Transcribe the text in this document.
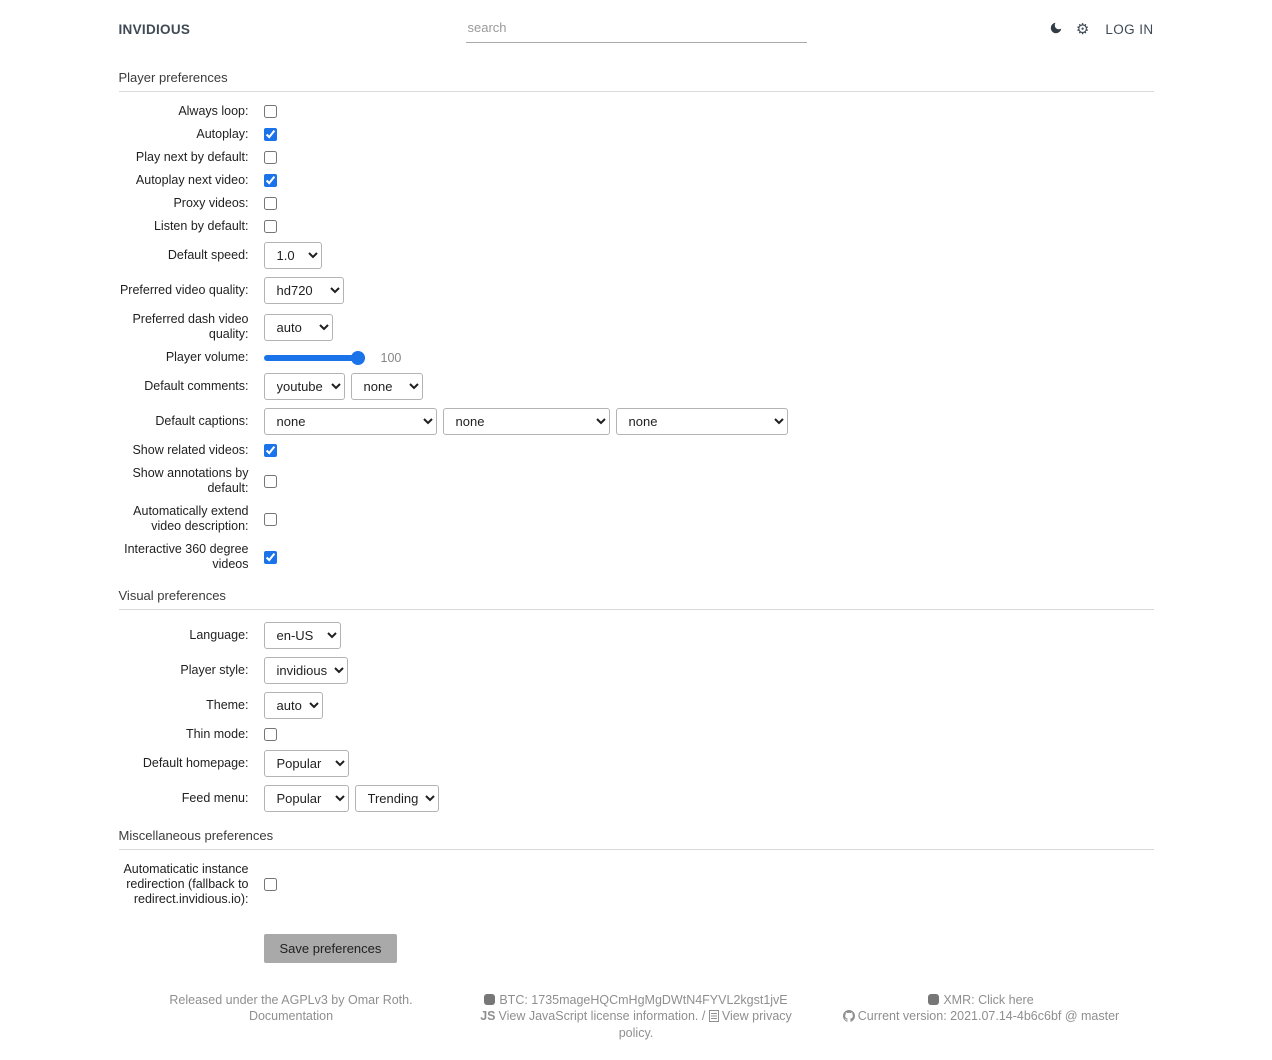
INVIDIOUS
search	⚙ LOG IN
Player preferences
Always loop:
Autoplay:
Play next by default:
Autoplay next video:
Proxy videos:
Listen by default:
Default speed:
1.0
Preferred video quality:
hd720
Preferred dash video quality:
auto
Player volume:	100
Default comments:
youtube
none
Default captions:
none
none
none
Show related videos:
Show annotations by default:
Automatically extend video description:
Interactive 360 degree videos
Visual preferences
Language:
en-US
Player style:
invidious
Theme:
auto
Thin mode:
Default homepage:
Popular
Feed menu:
Popular
Trending
Miscellaneous preferences
Automaticatic instance redirection (fallback to redirect.invidious.io):
Save preferences
Released under the AGPLv3 by Omar Roth.
Documentation
BTC: 1735mageHQCmHgMgDWtN4FYVL2kgst1jvE
JS View JavaScript license information. / View privacy policy.
XMR: Click here
Current version: 2021.07.14-4b6c6bf @ master
